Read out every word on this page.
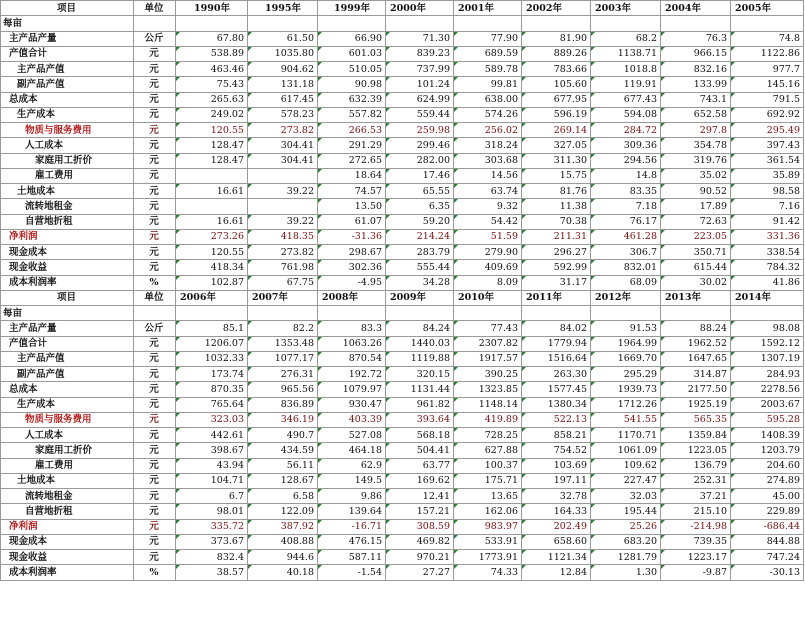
项目	单位	1990年	1995年	1999年	2000年	2001年	2002年	2003年	2004年	2005年
每亩										
主产品产量	公斤	67.80	61.50	66.90	71.30	77.90	81.90	68.2	76.3	74.8
产值合计	元	538.89	1035.80	601.03	839.23	689.59	889.26	1138.71	966.15	1122.86
主产品产值	元	463.46	904.62	510.05	737.99	589.78	783.66	1018.8	832.16	977.7
副产品产值	元	75.43	131.18	90.98	101.24	99.81	105.60	119.91	133.99	145.16
总成本	元	265.63	617.45	632.39	624.99	638.00	677.95	677.43	743.1	791.5
生产成本	元	249.02	578.23	557.82	559.44	574.26	596.19	594.08	652.58	692.92
物质与服务费用	元	120.55	273.82	266.53	259.98	256.02	269.14	284.72	297.8	295.49
人工成本	元	128.47	304.41	291.29	299.46	318.24	327.05	309.36	354.78	397.43
家庭用工折价	元	128.47	304.41	272.65	282.00	303.68	311.30	294.56	319.76	361.54
雇工费用	元			18.64	17.46	14.56	15.75	14.8	35.02	35.89
土地成本	元	16.61	39.22	74.57	65.55	63.74	81.76	83.35	90.52	98.58
流转地租金	元			13.50	6.35	9.32	11.38	7.18	17.89	7.16
自营地折租	元	16.61	39.22	61.07	59.20	54.42	70.38	76.17	72.63	91.42
净利润	元	273.26	418.35	-31.36	214.24	51.59	211.31	461.28	223.05	331.36
现金成本	元	120.55	273.82	298.67	283.79	279.90	296.27	306.7	350.71	338.54
现金收益	元	418.34	761.98	302.36	555.44	409.69	592.99	832.01	615.44	784.32
成本利润率	%	102.87	67.75	-4.95	34.28	8.09	31.17	68.09	30.02	41.86
项目	单位	2006年	2007年	2008年	2009年	2010年	2011年	2012年	2013年	2014年
每亩										
主产品产量	公斤	85.1	82.2	83.3	84.24	77.43	84.02	91.53	88.24	98.08
产值合计	元	1206.07	1353.48	1063.26	1440.03	2307.82	1779.94	1964.99	1962.52	1592.12
主产品产值	元	1032.33	1077.17	870.54	1119.88	1917.57	1516.64	1669.70	1647.65	1307.19
副产品产值	元	173.74	276.31	192.72	320.15	390.25	263.30	295.29	314.87	284.93
总成本	元	870.35	965.56	1079.97	1131.44	1323.85	1577.45	1939.73	2177.50	2278.56
生产成本	元	765.64	836.89	930.47	961.82	1148.14	1380.34	1712.26	1925.19	2003.67
物质与服务费用	元	323.03	346.19	403.39	393.64	419.89	522.13	541.55	565.35	595.28
人工成本	元	442.61	490.7	527.08	568.18	728.25	858.21	1170.71	1359.84	1408.39
家庭用工折价	元	398.67	434.59	464.18	504.41	627.88	754.52	1061.09	1223.05	1203.79
雇工费用	元	43.94	56.11	62.9	63.77	100.37	103.69	109.62	136.79	204.60
土地成本	元	104.71	128.67	149.5	169.62	175.71	197.11	227.47	252.31	274.89
流转地租金	元	6.7	6.58	9.86	12.41	13.65	32.78	32.03	37.21	45.00
自营地折租	元	98.01	122.09	139.64	157.21	162.06	164.33	195.44	215.10	229.89
净利润	元	335.72	387.92	-16.71	308.59	983.97	202.49	25.26	-214.98	-686.44
现金成本	元	373.67	408.88	476.15	469.82	533.91	658.60	683.20	739.35	844.88
现金收益	元	832.4	944.6	587.11	970.21	1773.91	1121.34	1281.79	1223.17	747.24
成本利润率	%	38.57	40.18	-1.54	27.27	74.33	12.84	1.30	-9.87	-30.13
